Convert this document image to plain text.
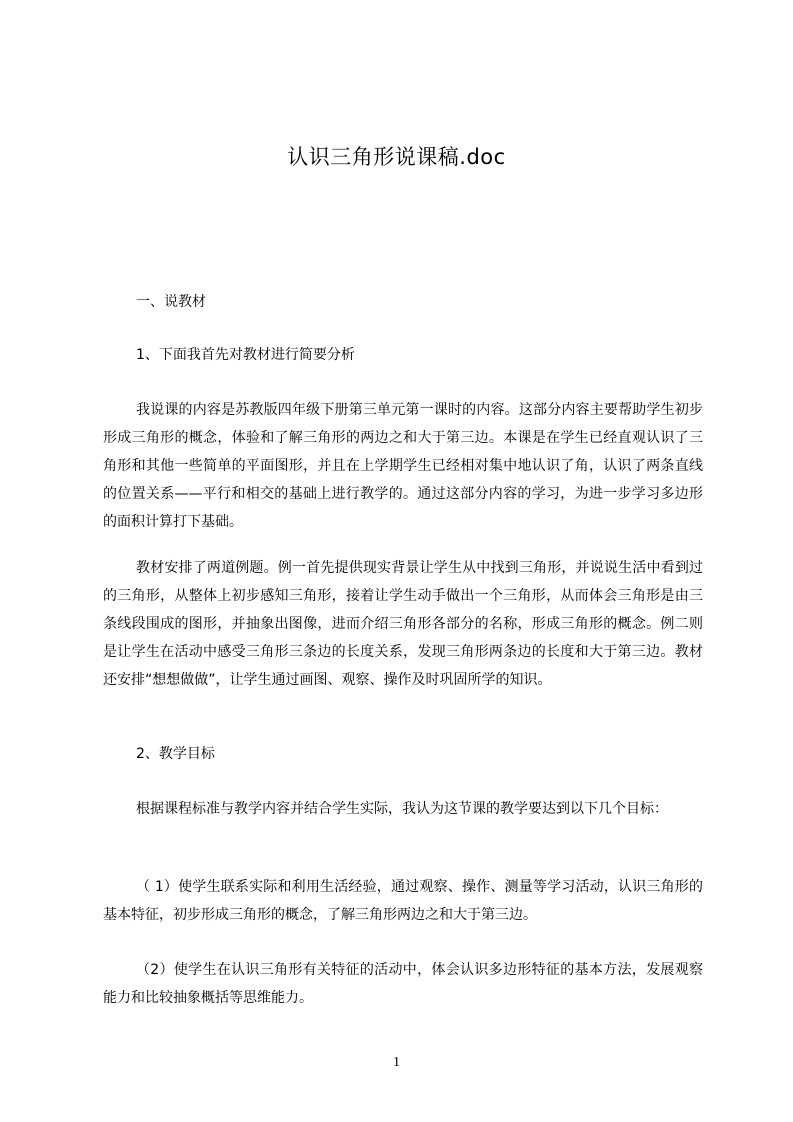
认识三角形说课稿.doc
一、说教材
1、下面我首先对教材进行简要分析

我说课的内容是苏教版四年级下册第三单元第一课时的内容。这部分内容主要帮助学生初步形成三角形的概念，体验和了解三角形的两边之和大于第三边。本课是在学生已经直观认识了三角形和其他一些简单的平面图形，并且在上学期学生已经相对集中地认识了角，认识了两条直线的位置关系——平行和相交的基础上进行教学的。通过这部分内容的学习，为进一步学习多边形的面积计算打下基础。

教材安排了两道例题。例一首先提供现实背景让学生从中找到三角形，并说说生活中看到过的三角形，从整体上初步感知三角形，接着让学生动手做出一个三角形，从而体会三角形是由三条线段围成的图形，并抽象出图像，进而介绍三角形各部分的名称，形成三角形的概念。例二则是让学生在活动中感受三角形三条边的长度关系，发现三角形两条边的长度和大于第三边。教材还安排“想想做做”，让学生通过画图、观察、操作及时巩固所学的知识。

2、教学目标

根据课程标准与教学内容并结合学生实际，我认为这节课的教学要达到以下几个目标：

（ 1）使学生联系实际和利用生活经验，通过观察、操作、测量等学习活动，认识三角形的基本特征，初步形成三角形的概念，了解三角形两边之和大于第三边。

（2）使学生在认识三角形有关特征的活动中，体会认识多边形特征的基本方法，发展观察能力和比较抽象概括等思维能力。

1
